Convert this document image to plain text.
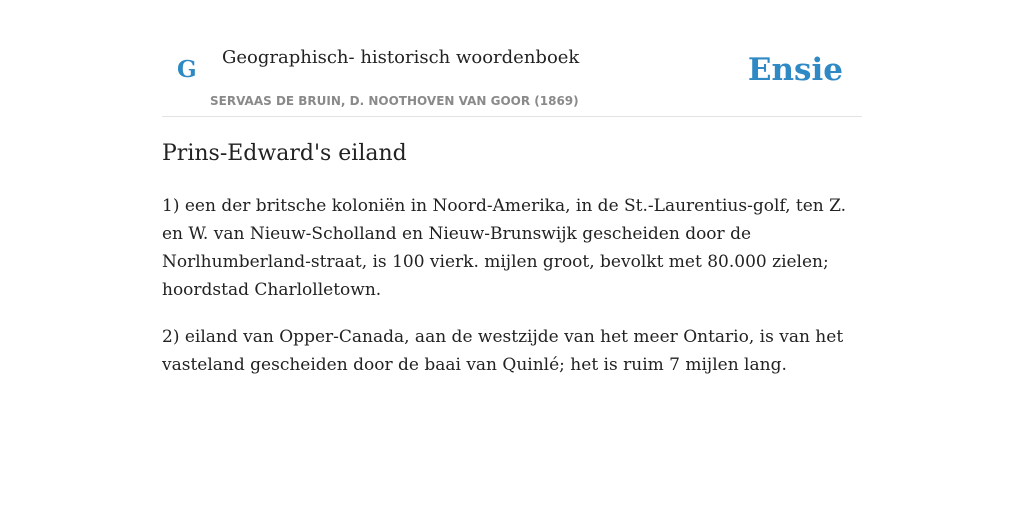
G Geographisch- historisch woordenboek
SERVAAS DE BRUIN, D. NOOTHOVEN VAN GOOR (1869)
Ensie
Prins-Edward's eiland

1) een der britsche koloniën in Noord-Amerika, in de St.-Laurentius-golf, ten Z. en W. van Nieuw-Scholland en Nieuw-Brunswijk gescheiden door de Norlhumberland-straat, is 100 vierk. mijlen groot, bevolkt met 80.000 zielen; hoordstad Charlolletown.

2) eiland van Opper-Canada, aan de westzijde van het meer Ontario, is van het vasteland gescheiden door de baai van Quinlé; het is ruim 7 mijlen lang.
